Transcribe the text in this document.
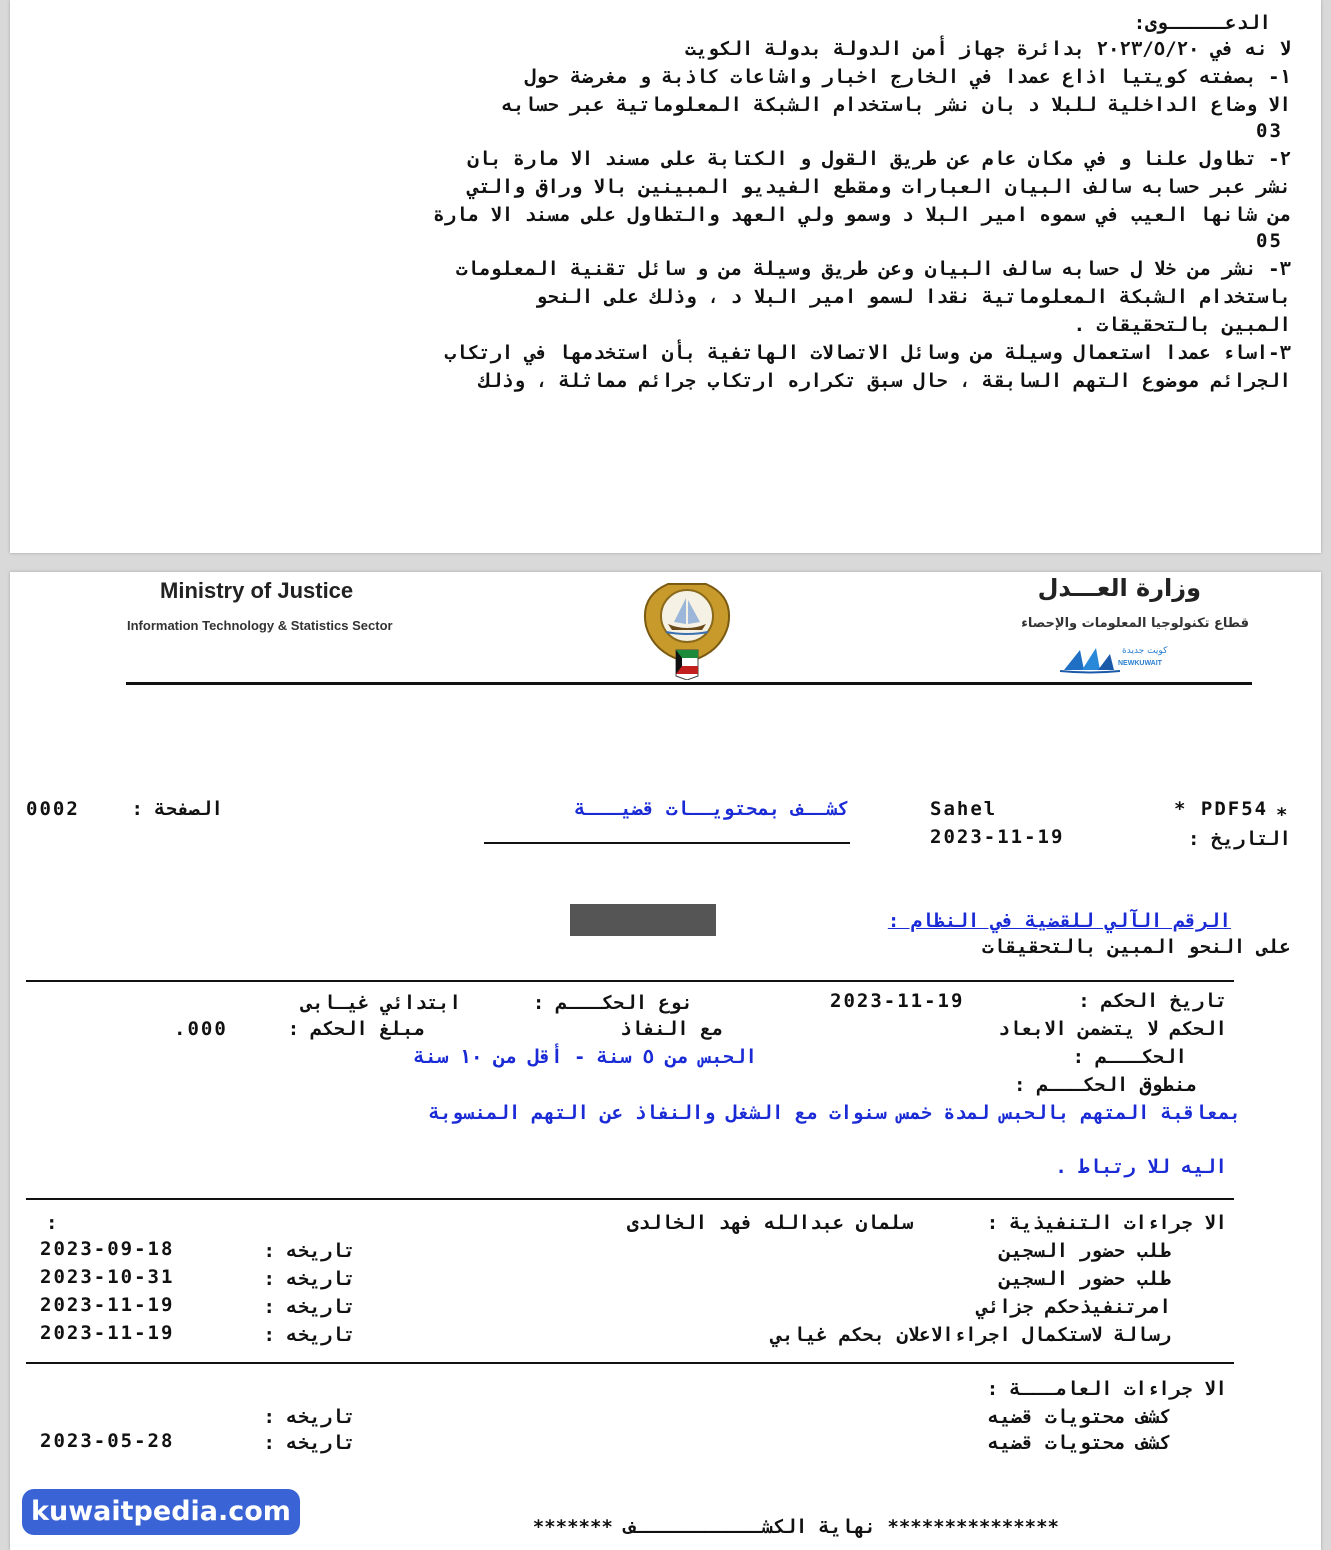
الدعـــــوى:
لا نه في ٢٠٢٣/٥/٢٠ بدائرة جهاز أمن الدولة بدولة الكويت
١- بصفته كويتيا اذاع عمدا في الخارج اخبار واشاعات كاذبة و مغرضة حول
الا وضاع الداخلية للبلا د بان نشر باستخدام الشبكة المعلوماتية عبر حسابه
03
٢- تطاول علنا و في مكان عام عن طريق القول و الكتابة على مسند الا مارة بان
نشر عبر حسابه سالف البيان العبارات ومقطع الفيديو المبينين بالا وراق والتي
من شانها العيب في سموه امير البلا د وسمو ولي العهد والتطاول على مسند الا مارة
05
٣- نشر من خلا ل حسابه سالف البيان وعن طريق وسيلة من و سائل تقنية المعلومات
باستخدام الشبكة المعلوماتية نقدا لسمو امير البلا د ، وذلك على النحو
المبين بالتحقيقات .
٣-اساء عمدا استعمال وسيلة من وسائل الاتصالات الهاتفية بأن استخدمها في ارتكاب
الجرائم موضوع التهم السابقة ، حال سبق تكراره ارتكاب جرائم مماثلة ، وذلك
Ministry of Justice
Information Technology & Statistics Sector
وزارة العـــدل
قطاع تكنولوجيا المعلومات والإحصاء
كويت جديدة
NEWKUWAIT
*
* PDF54
Sahel
كشــف بمحتويــات قضيـــة
الصفحة :
0002
التاريخ :
2023-11-19
الرقم الآلي للقضية في النظام :
على النحو المبين بالتحقيقات
تاريخ الحكم :
2023-11-19
نوع الحكـــم :
ابتدائي غيـابى
الحكم لا يتضمن الابعاد
مع النفاذ
مبلغ الحكم :
.000
الحكـــم :
الحبس من ٥ سنة - أقل من ١٠ سنة
منطوق الحكـــم :
بمعاقبة المتهم بالحبس لمدة خمس سنوات مع الشغل والنفاذ عن التهم المنسوبة
اليه للا رتباط .
الا جراءات التنفيذية :
سلمان عبدالله فهد الخالدى
:
طلب حضور السجين
تاريخه :
2023-09-18
طلب حضور السجين
تاريخه :
2023-10-31
امرتنفيذحكم جزائي
تاريخه :
2023-11-19
رسالة لاستكمال اجراءالاعلان بحكم غيابي
تاريخه :
2023-11-19
الا جراءات العامـــة :
كشف محتويات قضيه
تاريخه :
كشف محتويات قضيه
تاريخه :
2023-05-28
*************** نهاية الكشـــــــــــف *******
kuwaitpedia.com
